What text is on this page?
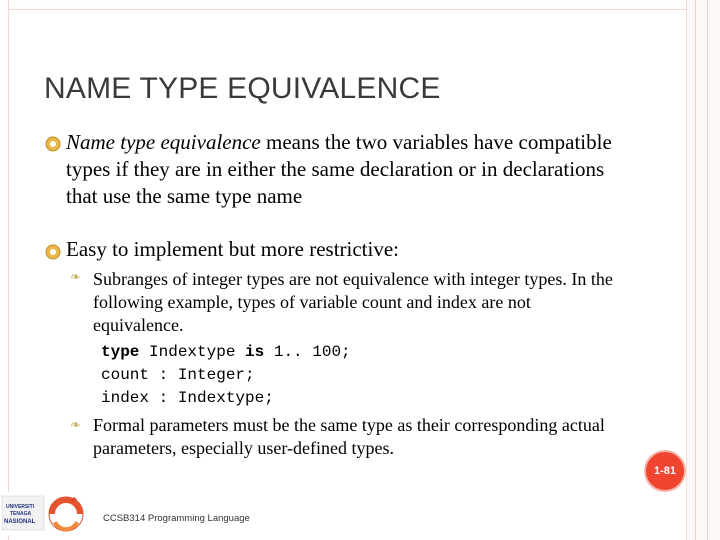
NAME TYPE EQUIVALENCE
Name type equivalence means the two variables have compatible types if they are in either the same declaration or in declarations that use the same type name
Easy to implement but more restrictive:
❧ Subranges of integer types are not equivalence with integer types. In the following example, types of variable count and index are not equivalence.
type Indextype is 1.. 100;
count : Integer;
index : Indextype;
❧ Formal parameters must be the same type as their corresponding actual parameters, especially user-defined types.
UNIVERSITI
TENAGA
NASIONAL	CCSB314 Programming Language
1-81
